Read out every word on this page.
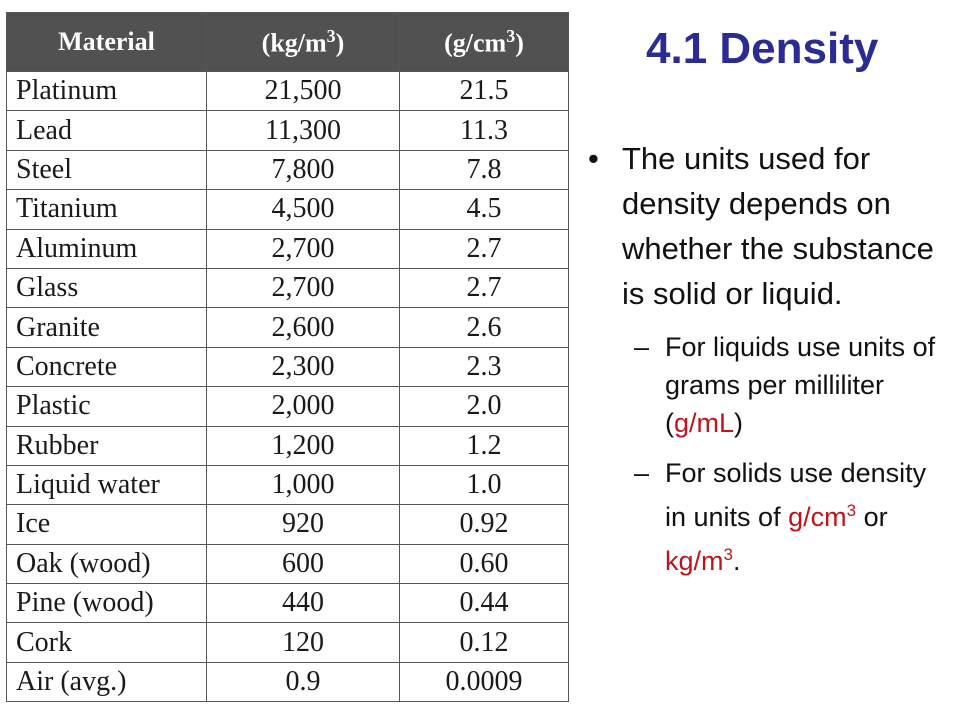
Material	$(kg/m^3)$	$(g/cm^3)$
Platinum	21,500	21.5
Lead	11,300	11.3
Steel	7,800	7.8
Titanium	4,500	4.5
Aluminum	2,700	2.7
Glass	2,700	2.7
Granite	2,600	2.6
Concrete	2,300	2.3
Plastic	2,000	2.0
Rubber	1,200	1.2
Liquid water	1,000	1.0
Ice	920	0.92
Oak (wood)	600	0.60
Pine (wood)	440	0.44
Cork	120	0.12
Air (avg.)	0.9	0.0009
4.1 Density
• The units used for density depends on whether the substance is solid or liquid.
– For liquids use units of grams per milliliter (g/mL)
– For solids use density in units of $g/cm^3$ or $kg/m^3$.
